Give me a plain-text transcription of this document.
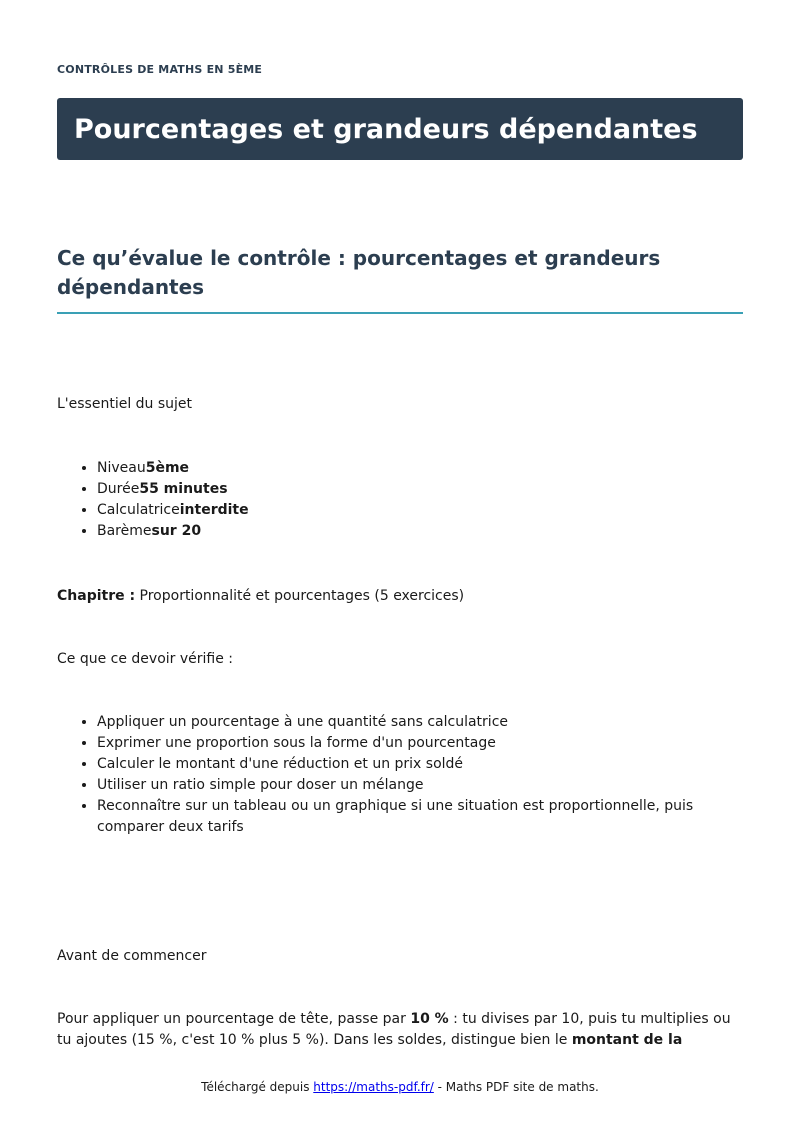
CONTRÔLES DE MATHS EN 5ÈME
Pourcentages et grandeurs dépendantes
Ce qu’évalue le contrôle : pourcentages et grandeurs dépendantes

L'essentiel du sujet

• Niveau5ème
• Durée55 minutes
• Calculatriceinterdite
• Barèmesur 20

Chapitre : Proportionnalité et pourcentages (5 exercices)

Ce que ce devoir vérifie :

• Appliquer un pourcentage à une quantité sans calculatrice
• Exprimer une proportion sous la forme d'un pourcentage
• Calculer le montant d'une réduction et un prix soldé
• Utiliser un ratio simple pour doser un mélange
• Reconnaître sur un tableau ou un graphique si une situation est proportionnelle, puis comparer deux tarifs

Avant de commencer

Pour appliquer un pourcentage de tête, passe par 10 % : tu divises par 10, puis tu multiplies ou tu ajoutes (15 %, c'est 10 % plus 5 %). Dans les soldes, distingue bien le montant de la

Téléchargé depuis https://maths-pdf.fr/ - Maths PDF site de maths.
